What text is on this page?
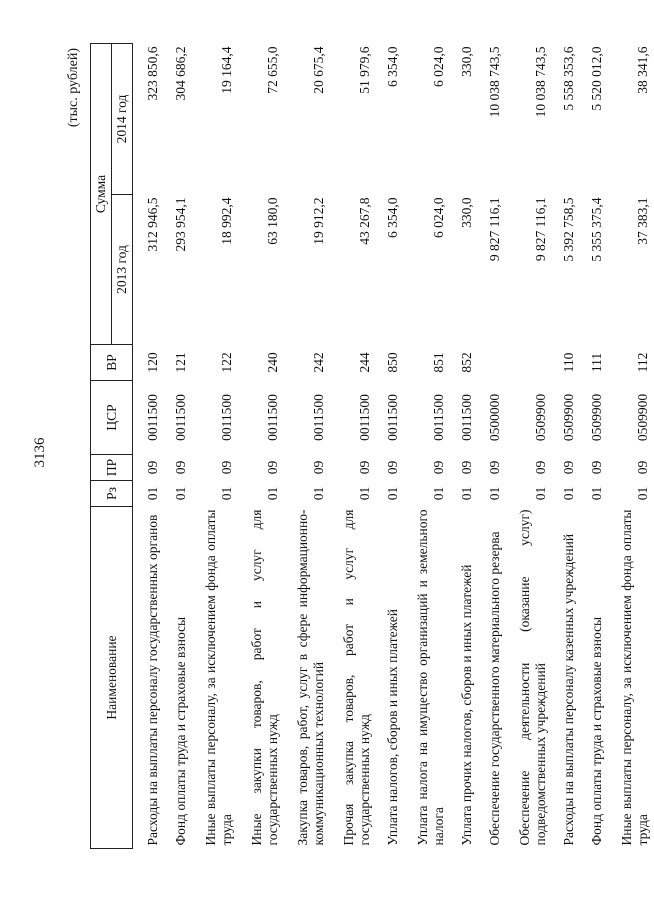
3136
(тыс. рублей)
Наименование	Рз	ПР	ЦСР	ВР	Сумма	
					2013 год	2014 год
Расходы на выплаты персоналу государственных органов	01	09	0011500	120	312 946,5	323 850,6
Фонд оплаты труда и страховые взносы	01	09	0011500	121	293 954,1	304 686,2
Иные выплаты персоналу, за исключением фонда оплаты труда	01	09	0011500	122	18 992,4	19 164,4
Иные закупки товаров, работ и услуг для государственных нужд	01	09	0011500	240	63 180,0	72 655,0
Закупка товаров, работ, услуг в сфере информационно-коммуникационных технологий	01	09	0011500	242	19 912,2	20 675,4
Прочая закупка товаров, работ и услуг для государственных нужд	01	09	0011500	244	43 267,8	51 979,6
Уплата налогов, сборов и иных платежей	01	09	0011500	850	6 354,0	6 354,0
Уплата налога на имущество организаций и земельного налога	01	09	0011500	851	6 024,0	6 024,0
Уплата прочих налогов, сборов и иных платежей	01	09	0011500	852	330,0	330,0
Обеспечение государственного материального резерва	01	09	0500000		9 827 116,1	10 038 743,5
Обеспечение деятельности (оказание услуг) подведомственных учреждений	01	09	0509900		9 827 116,1	10 038 743,5
Расходы на выплаты персоналу казенных учреждений	01	09	0509900	110	5 392 758,5	5 558 353,6
Фонд оплаты труда и страховые взносы	01	09	0509900	111	5 355 375,4	5 520 012,0
Иные выплаты персоналу, за исключением фонда оплаты труда	01	09	0509900	112	37 383,1	38 341,6
